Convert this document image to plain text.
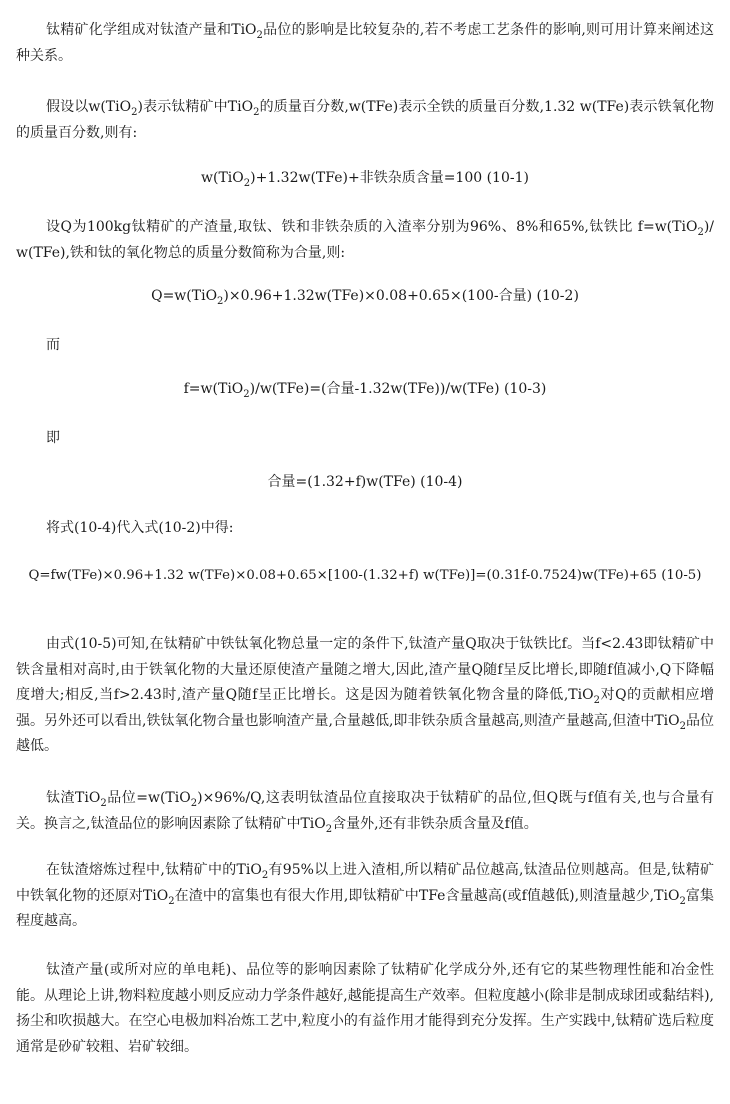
钛精矿化学组成对钛渣产量和TiO$_2$品位的影响是比较复杂的,若不考虑工艺条件的影响,则可用计算来阐述这种关系。

假设以w(TiO$_2$)表示钛精矿中TiO$_2$的质量百分数,w(TFe)表示全铁的质量百分数,1.32 w(TFe)表示铁氧化物的质量百分数,则有:

w(TiO$_2$)+1.32w(TFe)+非铁杂质含量=100 (10-1)

设Q为100kg钛精矿的产渣量,取钛、铁和非铁杂质的入渣率分别为96%、8%和65%,钛铁比 f=w(TiO$_2$)/ w(TFe),铁和钛的氧化物总的质量分数简称为合量,则:

Q=w(TiO$_2$)×0.96+1.32w(TFe)×0.08+0.65×(100-合量) (10-2)

而

f=w(TiO$_2$)/w(TFe)=(合量-1.32w(TFe))/w(TFe) (10-3)

即

合量=(1.32+f)w(TFe) (10-4)

将式(10-4)代入式(10-2)中得:

Q=fw(TFe)×0.96+1.32 w(TFe)×0.08+0.65×[100-(1.32+f) w(TFe)]=(0.31f-0.7524)w(TFe)+65 (10-5)

由式(10-5)可知,在钛精矿中铁钛氧化物总量一定的条件下,钛渣产量Q取决于钛铁比f。当f<2.43即钛精矿中铁含量相对高时,由于铁氧化物的大量还原使渣产量随之增大,因此,渣产量Q随f呈反比增长,即随f值减小,Q下降幅度增大;相反,当f>2.43时,渣产量Q随f呈正比增长。这是因为随着铁氧化物含量的降低,TiO$_2$对Q的贡献相应增强。另外还可以看出,铁钛氧化物合量也影响渣产量,合量越低,即非铁杂质含量越高,则渣产量越高,但渣中TiO$_2$品位越低。

钛渣TiO$_2$品位=w(TiO$_2$)×96%/Q,这表明钛渣品位直接取决于钛精矿的品位,但Q既与f值有关,也与合量有关。换言之,钛渣品位的影响因素除了钛精矿中TiO$_2$含量外,还有非铁杂质含量及f值。

在钛渣熔炼过程中,钛精矿中的TiO$_2$有95%以上进入渣相,所以精矿品位越高,钛渣品位则越高。但是,钛精矿中铁氧化物的还原对TiO$_2$在渣中的富集也有很大作用,即钛精矿中TFe含量越高(或f值越低),则渣量越少,TiO$_2$富集程度越高。

钛渣产量(或所对应的单电耗)、品位等的影响因素除了钛精矿化学成分外,还有它的某些物理性能和冶金性能。从理论上讲,物料粒度越小则反应动力学条件越好,越能提高生产效率。但粒度越小(除非是制成球团或黏结料),扬尘和吹损越大。在空心电极加料冶炼工艺中,粒度小的有益作用才能得到充分发挥。生产实践中,钛精矿选后粒度通常是砂矿较粗、岩矿较细。
